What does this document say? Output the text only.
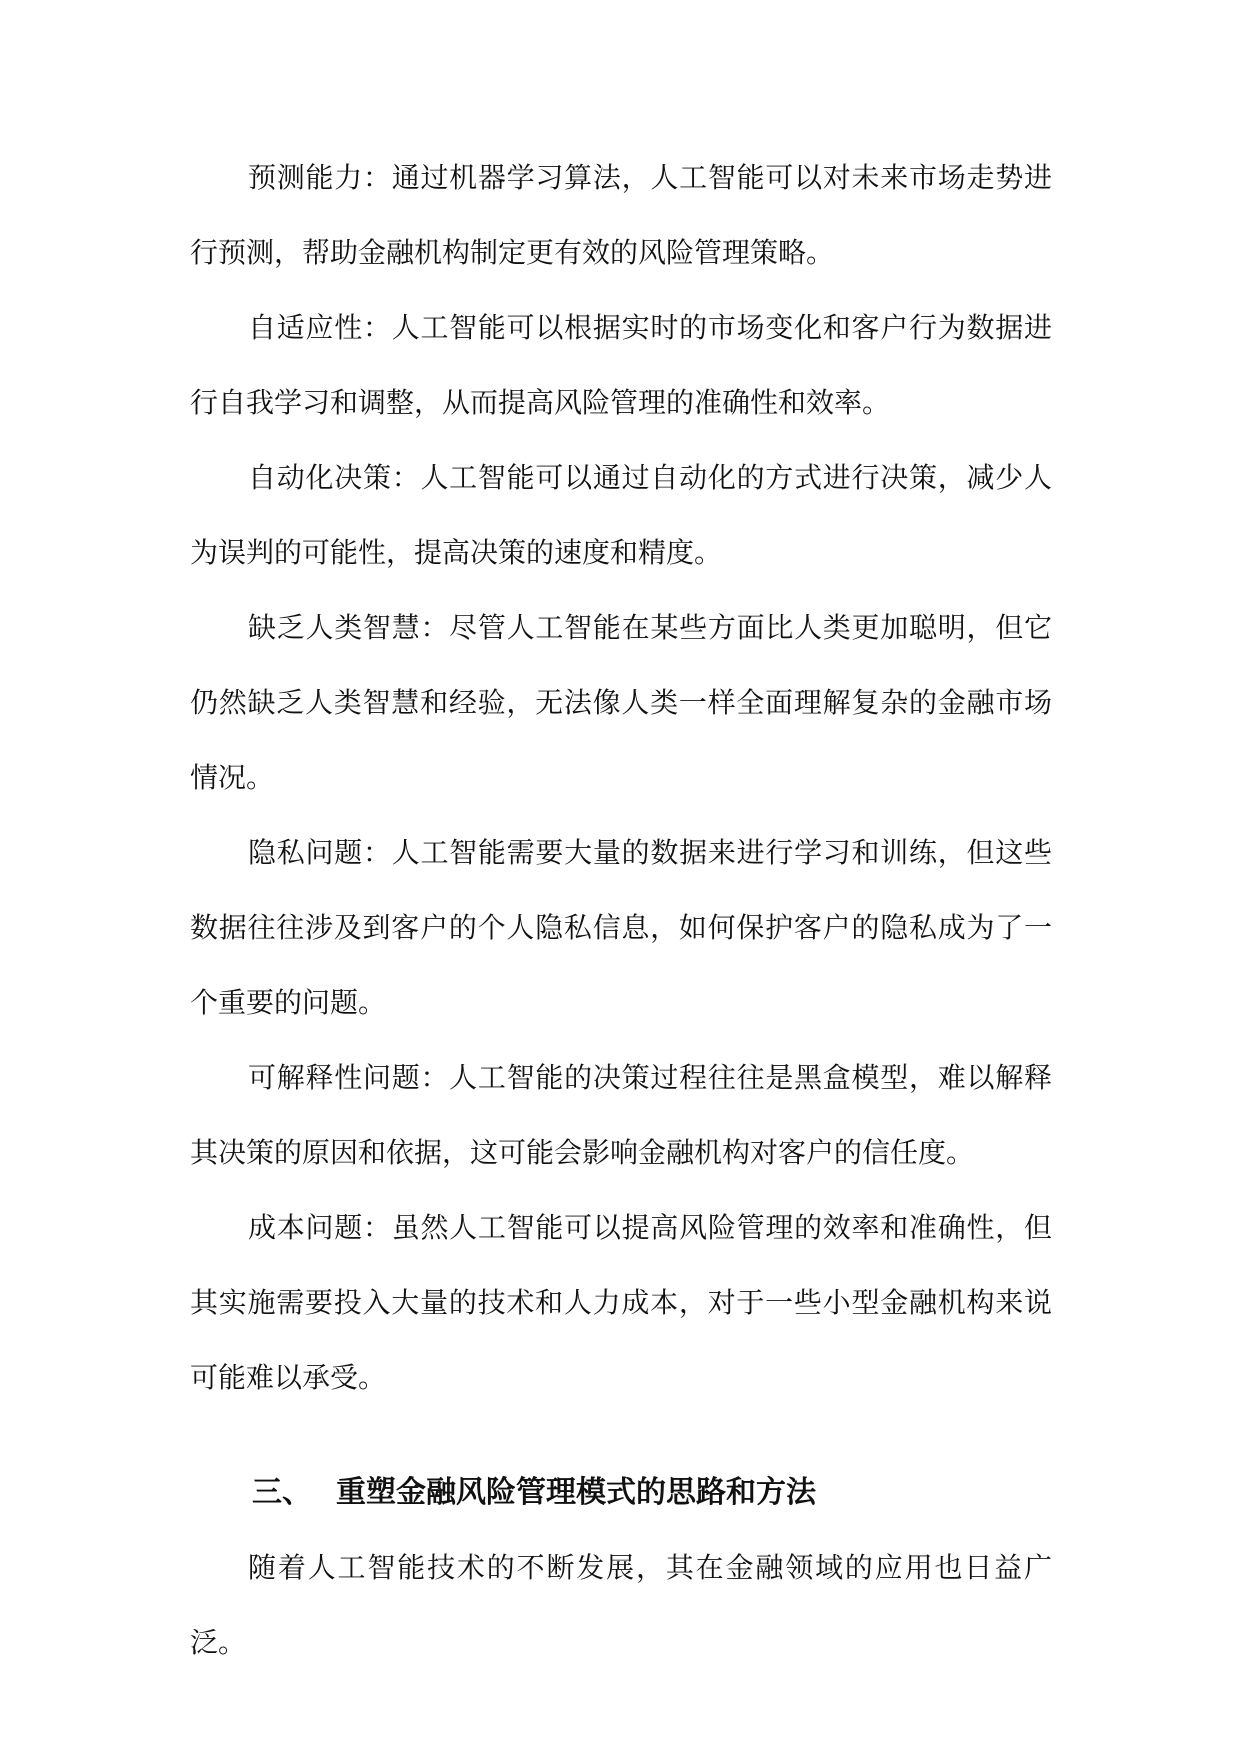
预测能力：通过机器学习算法，人工智能可以对未来市场走势进行预测，帮助金融机构制定更有效的风险管理策略。

自适应性：人工智能可以根据实时的市场变化和客户行为数据进行自我学习和调整，从而提高风险管理的准确性和效率。

自动化决策：人工智能可以通过自动化的方式进行决策，减少人为误判的可能性，提高决策的速度和精度。

缺乏人类智慧：尽管人工智能在某些方面比人类更加聪明，但它仍然缺乏人类智慧和经验，无法像人类一样全面理解复杂的金融市场情况。

隐私问题：人工智能需要大量的数据来进行学习和训练，但这些数据往往涉及到客户的个人隐私信息，如何保护客户的隐私成为了一个重要的问题。

可解释性问题：人工智能的决策过程往往是黑盒模型，难以解释其决策的原因和依据，这可能会影响金融机构对客户的信任度。

成本问题：虽然人工智能可以提高风险管理的效率和准确性，但其实施需要投入大量的技术和人力成本，对于一些小型金融机构来说可能难以承受。

三、 重塑金融风险管理模式的思路和方法

随着人工智能技术的不断发展，其在金融领域的应用也日益广泛。
